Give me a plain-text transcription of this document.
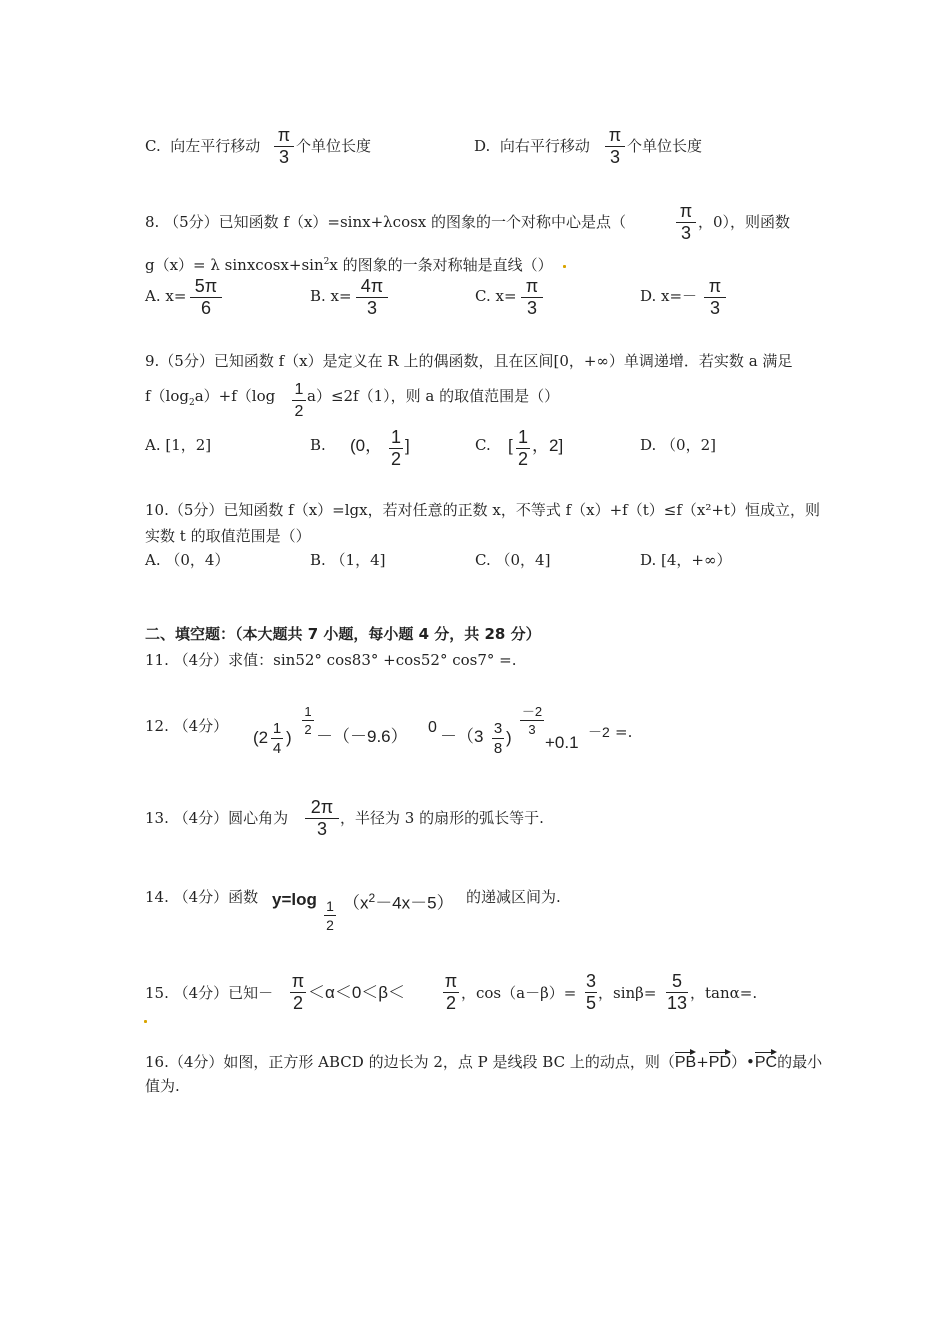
C. 向左平行移动
π
3
个单位长度	D. 向右平行移动
π
3
个单位长度
8. （5分）已知函数 f（x）=sinx+λcosx 的图象的一个对称中心是点（
π
3
，0），则函数
g（x）= λ $sinxcosx+\sin^2x$ 的图象的一条对称轴是直线（）
A. x= 5π
6
B. x= 4π
3
C. x= π
3
D. x=－ π
3
9.（5分）已知函数 f（x）是定义在 R 上的偶函数，且在区间[0，+∞）单调递增．若实数 a 满足
$f(\log_2a)+f(\log$ 1
2
a）≤2f（1），则 a 的取值范围是（）
A. [1，2]	B. (0， 1
2
]	C. [ 1
2
，2]	D. （0，2]
10.（5分）已知函数 f（x）=lgx，若对任意的正数 x，不等式 f（x）+f（t）≤f（x²+t）恒成立，则
实数 t 的取值范围是（）
A. （0，4）	B. （1，4]	C. （0，4]	D. [4，+∞）
二、填空题：（本大题共 7 小题，每小题 4 分，共 28 分）
11. （4分）求值：sin52° cos83° +cos52° cos7° =.
12. （4分）
(2 1
4
)
1
2 －（－9.6） 0 －（3 3
8
)
－2
3
+0.1
－2 =.
13. （4分）圆心角为
2π
3
，半径为 3 的扇形的弧长等于.
14. （4分）函数 y=log 1
2
$(x^2-4x-5)$ 的递减区间为.
15. （4分）已知－
π
2
＜α＜0＜β＜
π
2 ，cos（a－β）=
3
5 ，sinβ=
5
13 ，tanα=.
16.（4分）如图，正方形 ABCD 的边长为 2，点 P 是线段 BC 上的动点，则（PB+PD）•PC的最小
值为.
